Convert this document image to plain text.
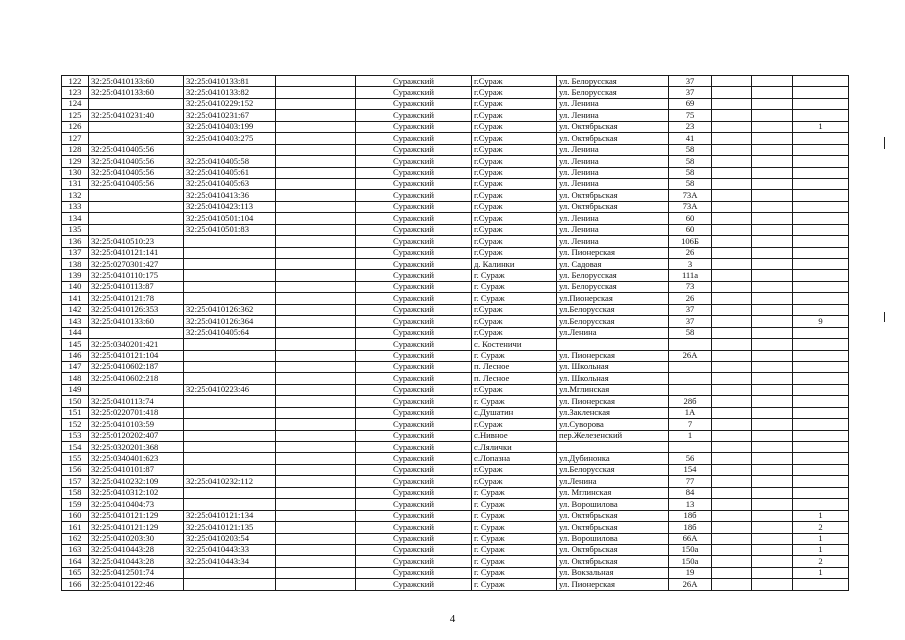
122	32:25:0410133:60	32:25:0410133:81		Суражский	г.Сураж	ул. Белорусская	37			
123	32:25:0410133:60	32:25:0410133:82		Суражский	г.Сураж	ул. Белорусская	37			
124		32:25:0410229:152		Суражский	г.Сураж	ул. Ленина	69			
125	32:25:0410231:40	32:25:0410231:67		Суражский	г.Сураж	ул. Ленина	75			
126		32:25:0410403:199		Суражский	г.Сураж	ул. Октябрьская	23			1
127		32:25:0410403:275		Суражский	г.Сураж	ул. Октябрьская	41			
128	32:25:0410405:56			Суражский	г.Сураж	ул. Ленина	58			
129	32:25:0410405:56	32:25:0410405:58		Суражский	г.Сураж	ул. Ленина	58			
130	32:25:0410405:56	32:25:0410405:61		Суражский	г.Сураж	ул. Ленина	58			
131	32:25:0410405:56	32:25:0410405:63		Суражский	г.Сураж	ул. Ленина	58			
132		32:25:0410413:36		Суражский	г.Сураж	ул. Октябрьская	73А			
133		32:25:0410423:113		Суражский	г.Сураж	ул. Октябрьская	73А			
134		32:25:0410501:104		Суражский	г.Сураж	ул. Ленина	60			
135		32:25:0410501:83		Суражский	г.Сураж	ул. Ленина	60			
136	32:25:0410510:23			Суражский	г.Сураж	ул. Ленина	106Б			
137	32:25:0410121:141			Суражский	г.Сураж	ул. Пионерская	26			
138	32:25:0270301:427			Суражский	д. Калинки	ул. Садовая	3			
139	32:25:0410110:175			Суражский	г. Сураж	ул. Белорусская	111а			
140	32:25:0410113:87			Суражский	г. Сураж	ул. Белорусская	73			
141	32:25:0410121:78			Суражский	г. Сураж	ул.Пионерская	26			
142	32:25:0410126:353	32:25:0410126:362		Суражский	г.Сураж	ул.Белорусская	37			
143	32:25:0410133:60	32:25:0410126:364		Суражский	г.Сураж	ул.Белорусская	37			9
144		32:25:0410405:64		Суражский	г.Сураж	ул.Ленина	58			
145	32:25:0340201:421			Суражский	с. Костеничи					
146	32:25:0410121:104			Суражский	г. Сураж	ул. Пионерская	26А			
147	32:25:0410602:187			Суражский	п. Лесное	ул. Школьная				
148	32:25:0410602:218			Суражский	п. Лесное	ул. Школьная				
149		32:25:0410223:46		Суражский	г.Сураж	ул.Мглинская				
150	32:25:0410113:74			Суражский	г. Сураж	ул. Пионерская	28б			
151	32:25:0220701:418			Суражский	с.Душатин	ул.Закленская	1А			
152	32:25:0410103:59			Суражский	г.Сураж	ул.Суворова	7			
153	32:25:0120202:407			Суражский	с.Нивное	пер.Железенский	1			
154	32:25:0320201:368			Суражский	с.Лялички					
155	32:25:0340401:623			Суражский	с.Лопазна	ул.Дубинонка	56			
156	32:25:0410101:87			Суражский	г.Сураж	ул.Белорусская	154			
157	32:25:0410232:109	32:25:0410232:112		Суражский	г.Сураж	ул.Ленина	77			
158	32:25:0410312:102			Суражский	г. Сураж	ул. Мглинская	84			
159	32:25:0410404:73			Суражский	г. Сураж	ул. Ворошилова	13			
160	32:25:0410121:129	32:25:0410121:134		Суражский	г. Сураж	ул. Октябрьская	18б			1
161	32:25:0410121:129	32:25:0410121:135		Суражский	г. Сураж	ул. Октябрьская	18б			2
162	32:25:0410203:30	32:25:0410203:54		Суражский	г. Сураж	ул. Ворошилова	66А			1
163	32:25:0410443:28	32:25:0410443:33		Суражский	г. Сураж	ул. Октябрьская	150а			1
164	32:25:0410443:28	32:25:0410443:34		Суражский	г. Сураж	ул. Октябрьская	150а			2
165	32:25:0412501:74			Суражский	г. Сураж	ул. Вокзальная	19			1
166	32:25:0410122:46			Суражский	г. Сураж	ул. Пионерская	26А			
4
